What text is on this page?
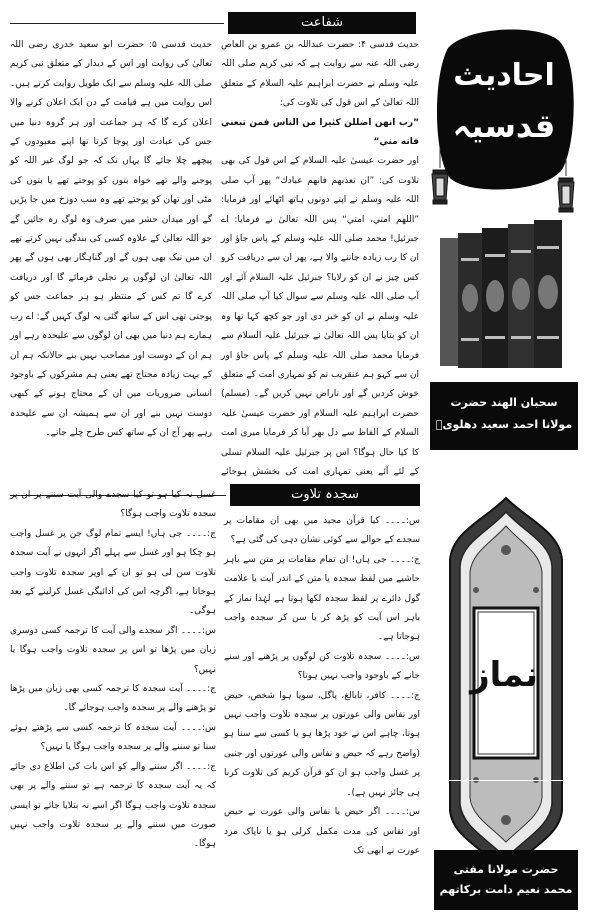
احادیث
قدسیہ
سحبان الهند حضرت
مولانا احمد سعید دهلویؒ
شفاعت

حدیث قدسی ۴: حضرت عبداللہ بن عمرو بن العاص رضی اللہ عنہ سے روایت ہے کہ نبی کریم صلی اللہ علیہ وسلم نے حضرت ابراہیم علیہ السلام کے متعلق اللہ تعالیٰ کے اس قول کی تلاوت کی:

”رب انهن اضللن كثيرا من الناس فمن تبعني فانه مني“

اور حضرت عیسیٰ علیہ السلام کے اس قول کی بھی تلاوت کی: ”ان تعذبهم فانهم عبادك“ پھر آپ صلی اللہ علیہ وسلم نے اپنے دونوں ہاتھ اٹھائے اور فرمایا: ”اللهم امتي، امتي“ پس اللہ تعالیٰ نے فرمایا: اے جبرئیل! محمد صلی اللہ علیہ وسلم کے پاس جاؤ اور ان کا رب زیادہ جاننے والا ہے، پھر ان سے دریافت کرو کس چیز نے ان کو رلایا؟ جبرئیل علیہ السلام آئے اور آپ صلی اللہ علیہ وسلم سے سوال کیا آپ صلی اللہ علیہ وسلم نے ان کو خبر دی اور جو کچھ کہا تھا وہ ان کو بتایا پس اللہ تعالیٰ نے جبرئیل علیہ السلام سے فرمایا محمد صلی اللہ علیہ وسلم کے پاس جاؤ اور ان سے کہو ہم عنقریب تم کو تمہاری امت کے متعلق خوش کردیں گے اور ناراض نہیں کریں گے۔ (مسلم) حضرت ابراہیم علیہ السلام اور حضرت عیسیٰ علیہ السلام کے الفاظ سے دل بھر آیا کر فرمایا میری امت کا کیا حال ہوگا؟ اس پر جبرئیل علیہ السلام تسلی کے لئے آئے یعنی تمہاری امت کی بخشش ہوجائے

حدیث قدسی ۵: حضرت ابو سعید خدری رضی اللہ تعالیٰ کی روایت اور اس کے دیدار کے متعلق نبی کریم صلی اللہ علیہ وسلم سے ایک طویل روایت کرتے ہیں۔ اس روایت میں ہے قیامت کے دن ایک اعلان کرنے والا اعلان کرے گا کہ ہر جماعت اور ہر گروہ دنیا میں جس کی عبادت اور پوجا کرتا تھا اپنے معبودوں کے پیچھے چلا جائے گا یہاں تک کہ جو لوگ غیر اللہ کو پوجنے والے تھے خواہ بتوں کو پوجتے تھے یا بتوں کی مٹی اور تھان کو پوجتے تھے وہ سب دوزخ میں جا پڑیں گے اور میدان حشر میں صرف وہ لوگ رہ جائیں گے جو اللہ تعالیٰ کے علاوہ کسی کی بندگی نہیں کرتے تھے ان میں نیک بھی ہوں گے اور گناہگار بھی ہوں گے پھر اللہ تعالیٰ ان لوگوں پر تجلی فرمائے گا اور دریافت کرے گا تم کس کے منتظر ہو ہر جماعت جس کو پوجتی تھی اس کے ساتھ گئی یہ لوگ کہیں گے: اے رب ہمارے ہم دنیا میں بھی ان لوگوں سے علیحدہ رہے اور ہم ان کے دوست اور مصاحب نہیں بنے حالانکہ ہم ان کے بہت زیادہ محتاج تھے یعنی ہم مشرکوں کے باوجود انسانی ضروریات میں ان کے محتاج ہونے کے کبھی دوست نہیں بنے اور ان سے ہمیشہ ان سے علیحدہ رہے پھر آج ان کے ساتھ کس طرح چلے جاتے۔

نماز
حضرت مولانا مفتی
محمد نعیم دامت برکاتهم
سجدہ تلاوت

س:۔۔۔۔ کیا قرآن مجید میں بھی ان مقامات پر سجدے کے حوالے سے کوئی نشان دہی کی گئی ہے؟

ج:۔۔۔۔ جی ہاں! ان تمام مقامات پر متن سے باہر حاشیے میں لفظ سجدہ یا متن کے اندر آیت یا علامت گول دائرے پر لفظ سجدہ لکھا ہوتا ہے لہٰذا نماز کے باہر اس آیت کو پڑھ کر یا سن کر سجدہ واجب ہوجاتا ہے۔

س:۔۔۔۔ سجدہ تلاوت کن لوگوں پر پڑھنے اور سنے جانے کے باوجود واجب نہیں ہوتا؟

ج:۔۔۔۔ کافر، نابالغ، پاگل، سویا ہوا شخص، حیض اور نفاس والی عورتوں پر سجدہ تلاوت واجب نہیں ہوتا، چاہے اس نے خود پڑھا ہو یا کسی سے سنا ہو (واضح رہے کہ حیض و نفاس والی عورتوں اور جنبی پر غسل واجب ہو ان کو قرآن کریم کی تلاوت کرنا ہی جائز نہیں ہے)۔

س:۔۔۔۔ اگر حیض یا نفاس والی عورت نے حیض اور نفاس کی مدت مکمل کرلی ہو یا ناپاک مرد عورت نے ابھی تک

غسل نہ کیا ہو تو کیا سجدے والی آیت سننے پر ان پر سجدہ تلاوت واجب ہوگا؟

ج:۔۔۔۔ جی ہاں! ایسے تمام لوگ جن پر غسل واجب ہو چکا ہو اور غسل سے پہلے اگر انہوں نے آیت سجدہ تلاوت سن لی ہو تو ان کے اوپر سجدہ تلاوت واجب ہوجاتا ہے، اگرچہ اس کی ادائیگی غسل کرلینے کے بعد ہوگی۔

س:۔۔۔۔ اگر سجدے والی آیت کا ترجمہ کسی دوسری زبان میں پڑھا تو اس پر سجدہ تلاوت واجب ہوگا یا نہیں؟

ج:۔۔۔۔ آیت سجدہ کا ترجمہ کسی بھی زبان میں پڑھا تو پڑھنے والے پر سجدہ واجب ہوجائے گا۔

س:۔۔۔۔ آیت سجدہ کا ترجمہ کسی سے پڑھتے ہوئے سنا تو سننے والے پر سجدہ واجب ہوگا یا نہیں؟

ج:۔۔۔۔ اگر سننے والے کو اس بات کی اطلاع دی جائے کہ یہ آیت سجدہ کا ترجمہ ہے تو سننے والے پر بھی سجدہ تلاوت واجب ہوگا اگر اسے نہ بتلایا جائے تو ایسی صورت میں سننے والے پر سجدہ تلاوت واجب نہیں ہوگا۔
